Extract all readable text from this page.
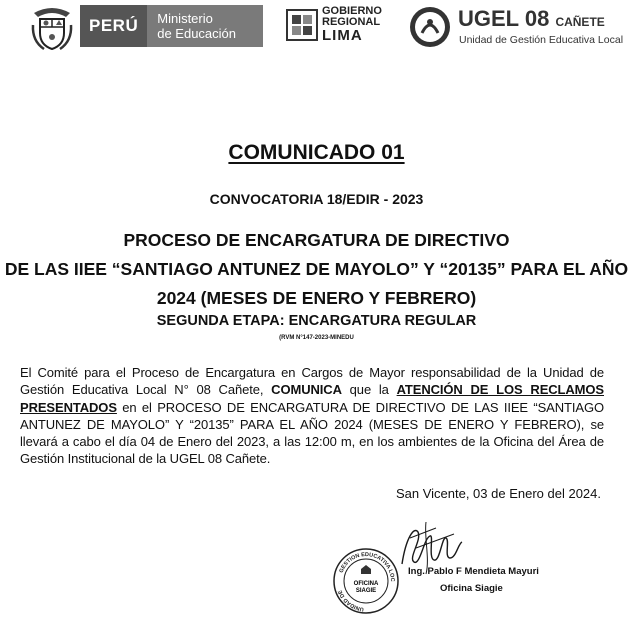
PERÚ	Ministerio
de Educación
GOBIERNO
REGIONAL
LIMA
UGEL 08 CAÑETE
Unidad de Gestión Educativa Local
COMUNICADO 01
CONVOCATORIA 18/EDIR - 2023
PROCESO DE ENCARGATURA DE DIRECTIVO
DE LAS IIEE “SANTIAGO ANTUNEZ DE MAYOLO” Y “20135” PARA EL AÑO
2024 (MESES DE ENERO Y FEBRERO)
SEGUNDA ETAPA: ENCARGATURA REGULAR
(RVM N°147-2023-MINEDU
El Comité para el Proceso de Encargatura en Cargos de Mayor responsabilidad de la Unidad de Gestión Educativa Local N° 08 Cañete, COMUNICA que la ATENCIÓN DE LOS RECLAMOS PRESENTADOS en el PROCESO DE ENCARGATURA DE DIRECTIVO DE LAS IIEE “SANTIAGO ANTUNEZ DE MAYOLO” Y “20135” PARA EL AÑO 2024 (MESES DE ENERO Y FEBRERO), se llevará a cabo el día 04 de Enero del 2023, a las 12:00 m, en los ambientes de la Oficina del Área de Gestión Institucional de la UGEL 08 Cañete.
San Vicente, 03 de Enero del 2024.
GESTION EDUCATIVA LOC
UNIDAD DE
OFICINA
SIAGIE
Ing. Pablo F Mendieta Mayuri
Oficina Siagie
